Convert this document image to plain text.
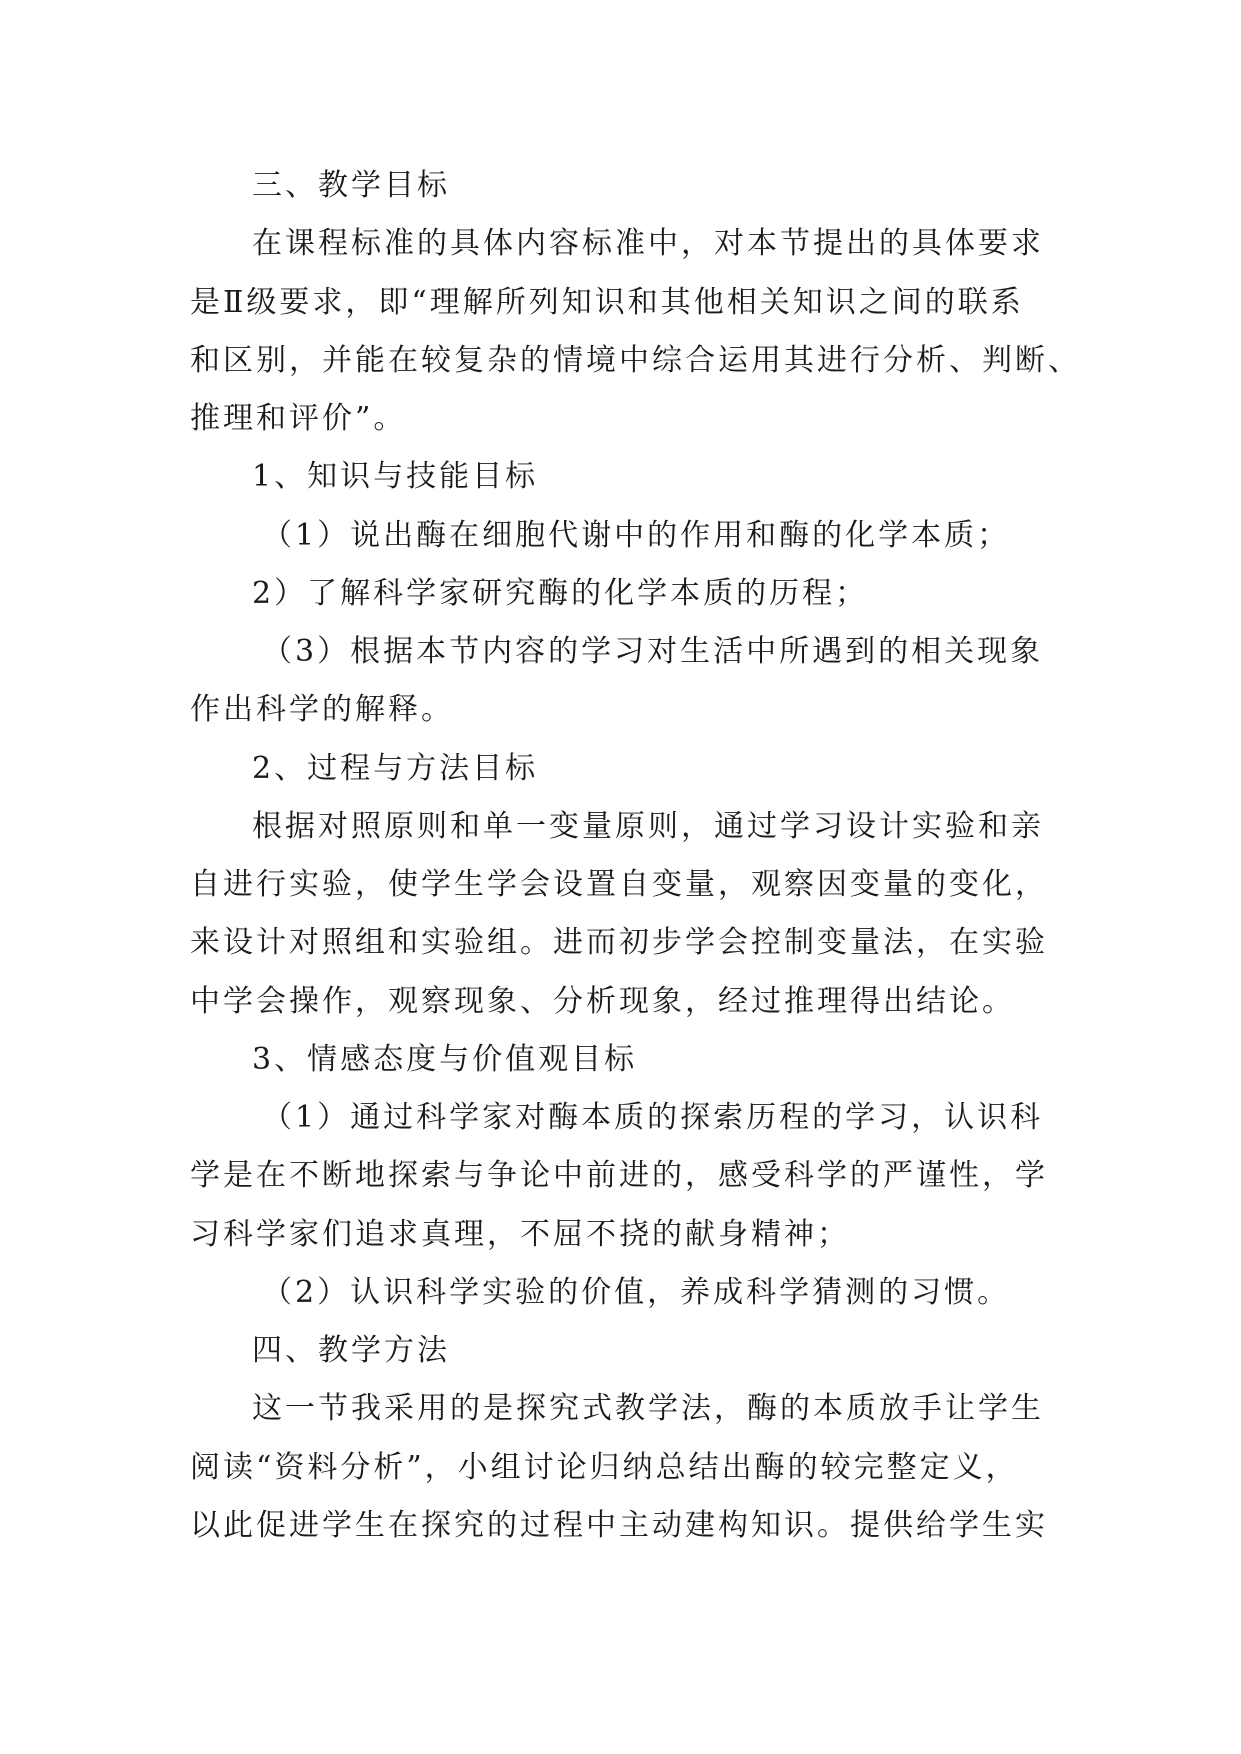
三、教学目标
在课程标准的具体内容标准中，对本节提出的具体要求
是Ⅱ级要求，即“理解所列知识和其他相关知识之间的联系
和区别，并能在较复杂的情境中综合运用其进行分析、判断、
推理和评价”。
1、知识与技能目标
（1）说出酶在细胞代谢中的作用和酶的化学本质；
2）了解科学家研究酶的化学本质的历程；
（3）根据本节内容的学习对生活中所遇到的相关现象
作出科学的解释。
2、过程与方法目标
根据对照原则和单一变量原则，通过学习设计实验和亲
自进行实验，使学生学会设置自变量，观察因变量的变化，
来设计对照组和实验组。进而初步学会控制变量法，在实验
中学会操作，观察现象、分析现象，经过推理得出结论。
3、情感态度与价值观目标
（1）通过科学家对酶本质的探索历程的学习，认识科
学是在不断地探索与争论中前进的，感受科学的严谨性，学
习科学家们追求真理，不屈不挠的献身精神；
（2）认识科学实验的价值，养成科学猜测的习惯。
四、教学方法
这一节我采用的是探究式教学法，酶的本质放手让学生
阅读“资料分析”，小组讨论归纳总结出酶的较完整定义，
以此促进学生在探究的过程中主动建构知识。提供给学生实
